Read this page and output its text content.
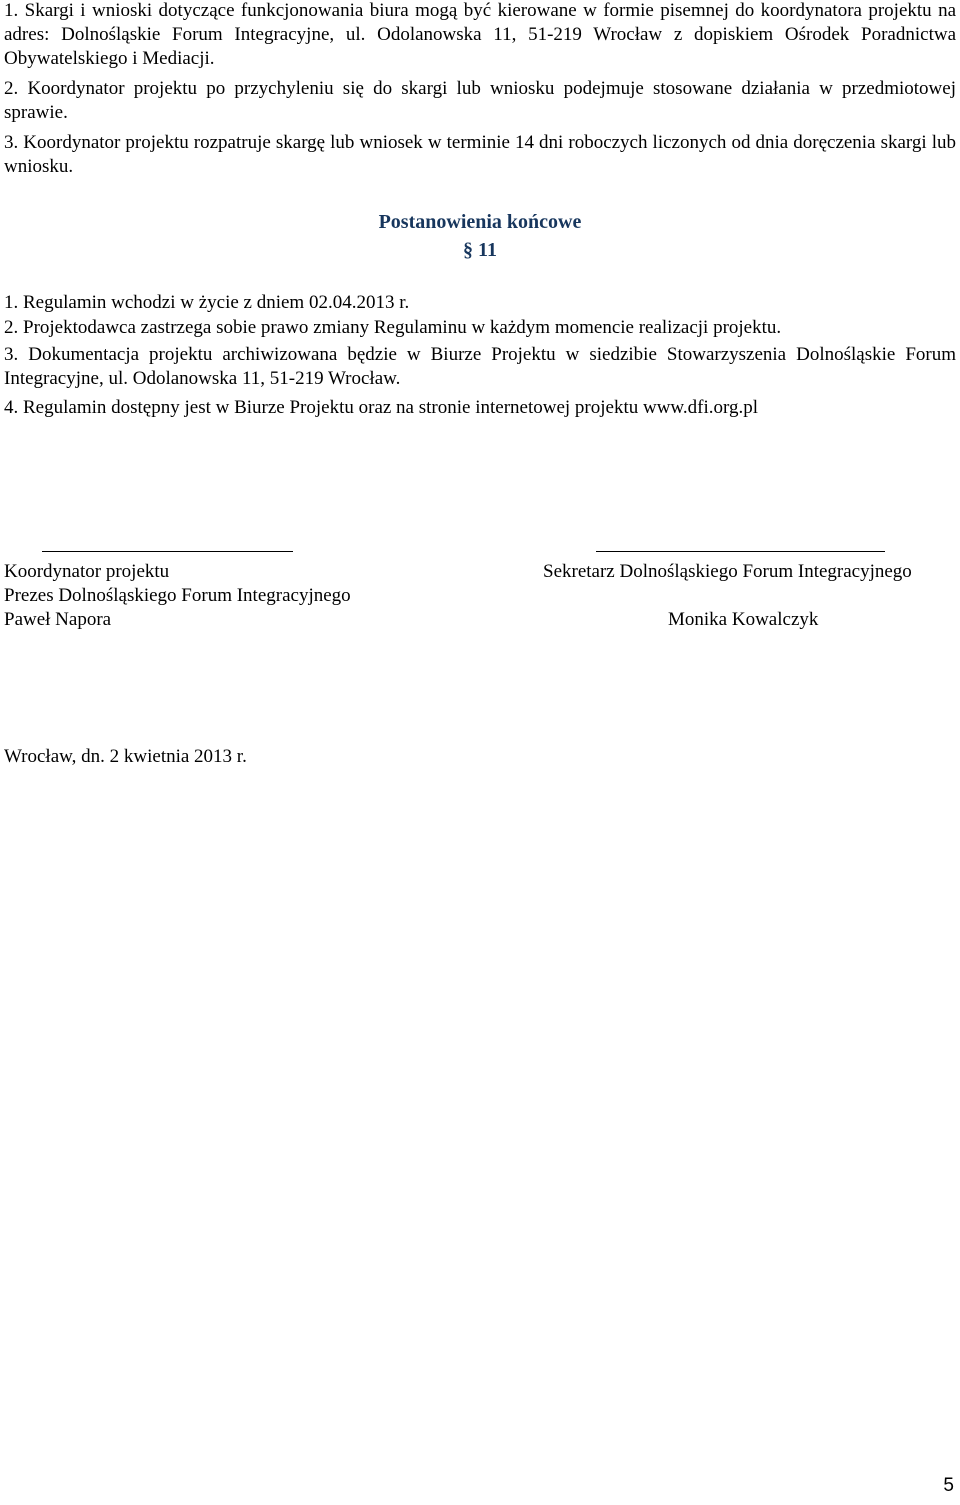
1. Skargi i wnioski dotyczące funkcjonowania biura mogą być kierowane w formie pisemnej do koordynatora projektu na adres: Dolnośląskie Forum Integracyjne, ul. Odolanowska 11, 51-219 Wrocław z dopiskiem Ośrodek Poradnictwa Obywatelskiego i Mediacji.

2. Koordynator projektu po przychyleniu się do skargi lub wniosku podejmuje stosowane działania w przedmiotowej sprawie.

3. Koordynator projektu rozpatruje skargę lub wniosek w terminie 14 dni roboczych liczonych od dnia doręczenia skargi lub wniosku.

Postanowienia końcowe
§ 11

1. Regulamin wchodzi w życie z dniem 02.04.2013 r.

2. Projektodawca zastrzega sobie prawo zmiany Regulaminu w każdym momencie realizacji projektu.

3. Dokumentacja projektu archiwizowana będzie w Biurze Projektu w siedzibie Stowarzyszenia Dolnośląskie Forum Integracyjne, ul. Odolanowska 11, 51-219 Wrocław.

4. Regulamin dostępny jest w Biurze Projektu oraz na stronie internetowej projektu www.dfi.org.pl

Koordynator projektu

Prezes Dolnośląskiego Forum Integracyjnego

Paweł Napora

Sekretarz Dolnośląskiego Forum Integracyjnego

Monika Kowalczyk

Wrocław, dn. 2 kwietnia 2013 r.

5
